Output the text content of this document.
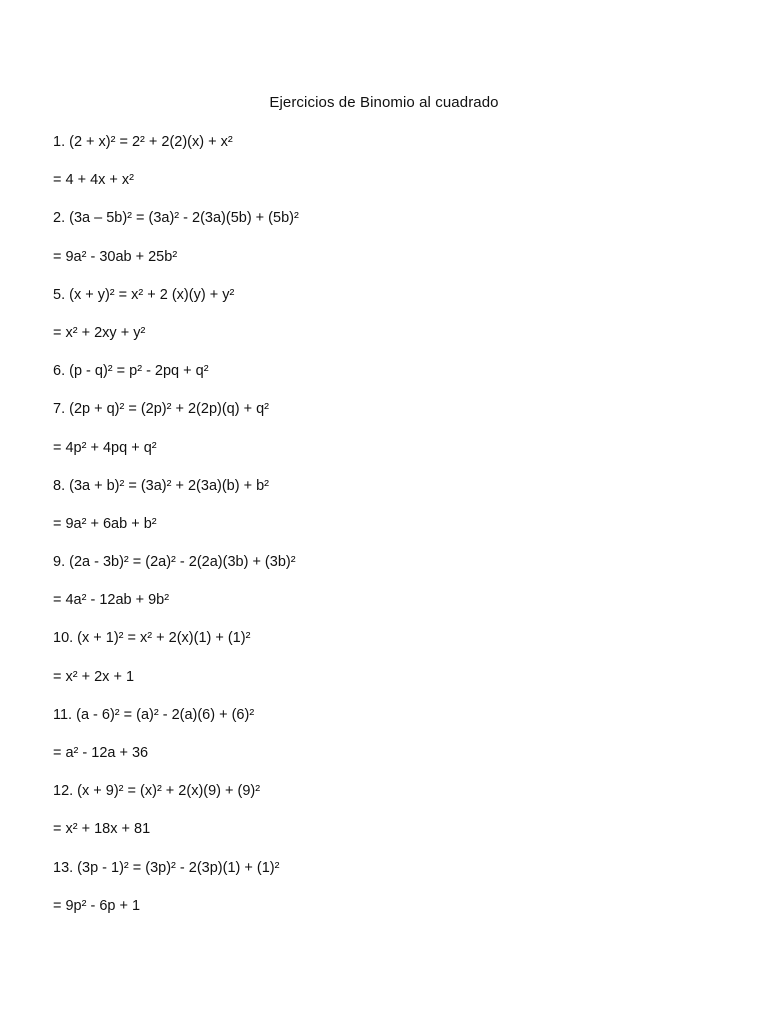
Ejercicios de Binomio al cuadrado
1. (2 + x)² = 2² + 2(2)(x) + x²
= 4 + 4x + x²
2. (3a – 5b)² = (3a)² - 2(3a)(5b) + (5b)²
= 9a² - 30ab + 25b²
5. (x + y)² = x² + 2 (x)(y) + y²
= x² + 2xy + y²
6. (p - q)² = p² - 2pq + q²
7. (2p + q)² = (2p)² + 2(2p)(q) + q²
= 4p² + 4pq + q²
8. (3a + b)² = (3a)² + 2(3a)(b) + b²
= 9a² + 6ab + b²
9. (2a - 3b)² = (2a)² - 2(2a)(3b) + (3b)²
= 4a² - 12ab + 9b²
10. (x + 1)² = x² + 2(x)(1) + (1)²
= x² + 2x + 1
11. (a - 6)² = (a)² - 2(a)(6) + (6)²
= a² - 12a + 36
12. (x + 9)² = (x)² + 2(x)(9) + (9)²
= x² + 18x + 81
13. (3p - 1)² = (3p)² - 2(3p)(1) + (1)²
= 9p² - 6p + 1
